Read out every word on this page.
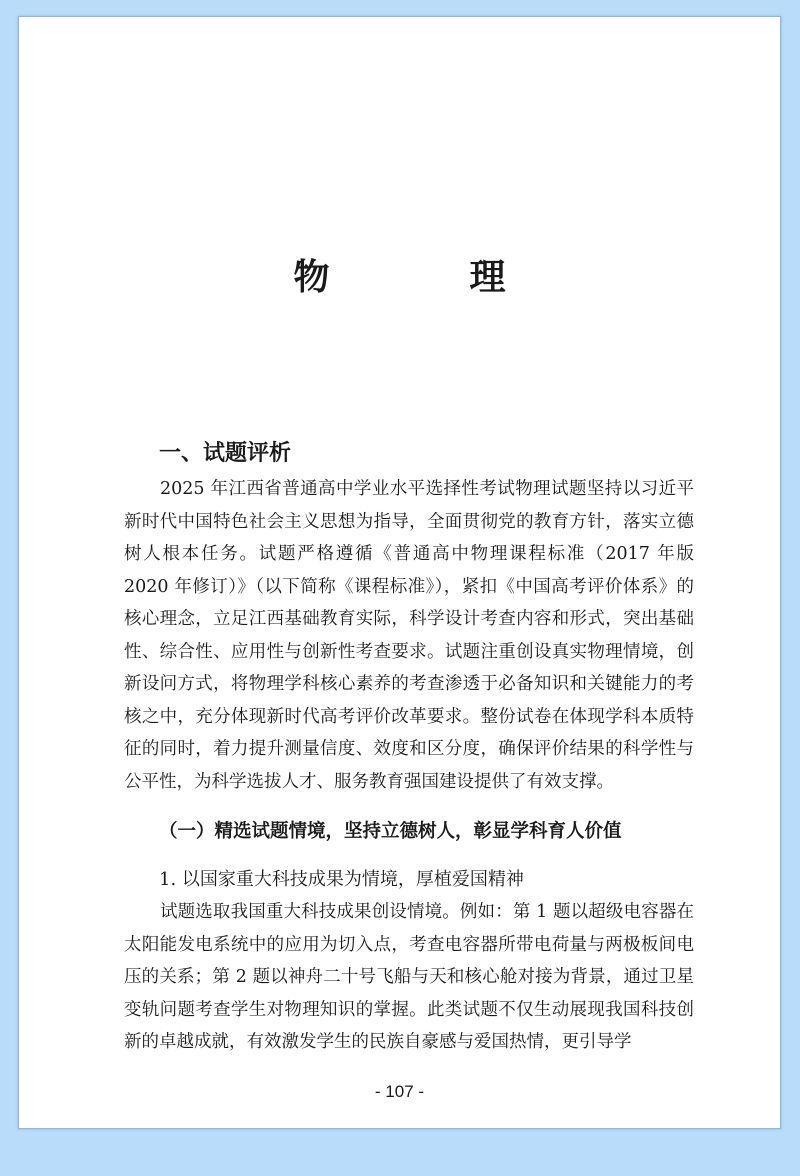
物　理
一、试题评析

2025 年江西省普通高中学业水平选择性考试物理试题坚持以习近平新时代中国特色社会主义思想为指导，全面贯彻党的教育方针，落实立德树人根本任务。试题严格遵循《普通高中物理课程标准（2017 年版 2020 年修订）》（以下简称《课程标准》），紧扣《中国高考评价体系》的核心理念，立足江西基础教育实际，科学设计考查内容和形式，突出基础性、综合性、应用性与创新性考查要求。试题注重创设真实物理情境，创新设问方式，将物理学科核心素养的考查渗透于必备知识和关键能力的考核之中，充分体现新时代高考评价改革要求。整份试卷在体现学科本质特征的同时，着力提升测量信度、效度和区分度，确保评价结果的科学性与公平性，为科学选拔人才、服务教育强国建设提供了有效支撑。

（一）精选试题情境，坚持立德树人，彰显学科育人价值
1. 以国家重大科技成果为情境，厚植爱国精神

试题选取我国重大科技成果创设情境。例如：第 1 题以超级电容器在太阳能发电系统中的应用为切入点，考查电容器所带电荷量与两极板间电压的关系；第 2 题以神舟二十号飞船与天和核心舱对接为背景，通过卫星变轨问题考查学生对物理知识的掌握。此类试题不仅生动展现我国科技创新的卓越成就，有效激发学生的民族自豪感与爱国热情，更引导学

- 107 -
